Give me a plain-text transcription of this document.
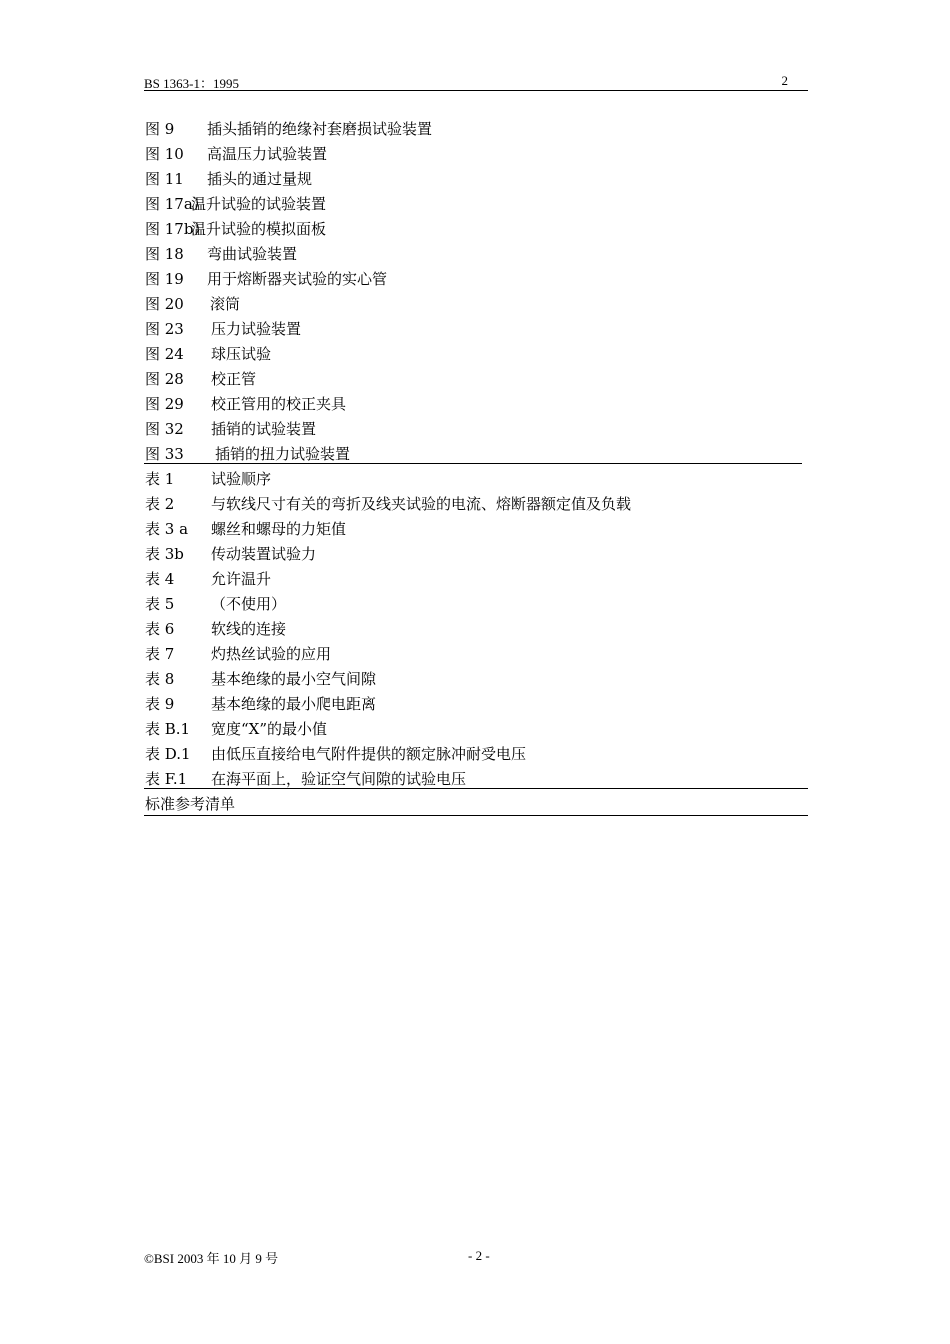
BS 1363-1：1995	2
图 9 插头插销的绝缘衬套磨损试验装置
图 10 高温压力试验装置
图 11 插头的通过量规
图 17a）
温升试验的试验装置
图 17b）
温升试验的模拟面板
图 18 弯曲试验装置
图 19 用于熔断器夹试验的实心管
图 20 滚筒
图 23 压力试验装置
图 24 球压试验
图 28 校正管
图 29 校正管用的校正夹具
图 32 插销的试验装置
图 33 插销的扭力试验装置
表 1 试验顺序
表 2 与软线尺寸有关的弯折及线夹试验的电流、熔断器额定值及负载
表 3 a 螺丝和螺母的力矩值
表 3b 传动装置试验力
表 4 允许温升
表 5 （不使用）
表 6 软线的连接
表 7 灼热丝试验的应用
表 8 基本绝缘的最小空气间隙
表 9 基本绝缘的最小爬电距离
表 B.1 宽度“X”的最小值
表 D.1 由低压直接给电气附件提供的额定脉冲耐受电压
表 F.1 在海平面上，验证空气间隙的试验电压
标准参考清单
©BSI 2003 年 10 月 9 号	- 2 -
